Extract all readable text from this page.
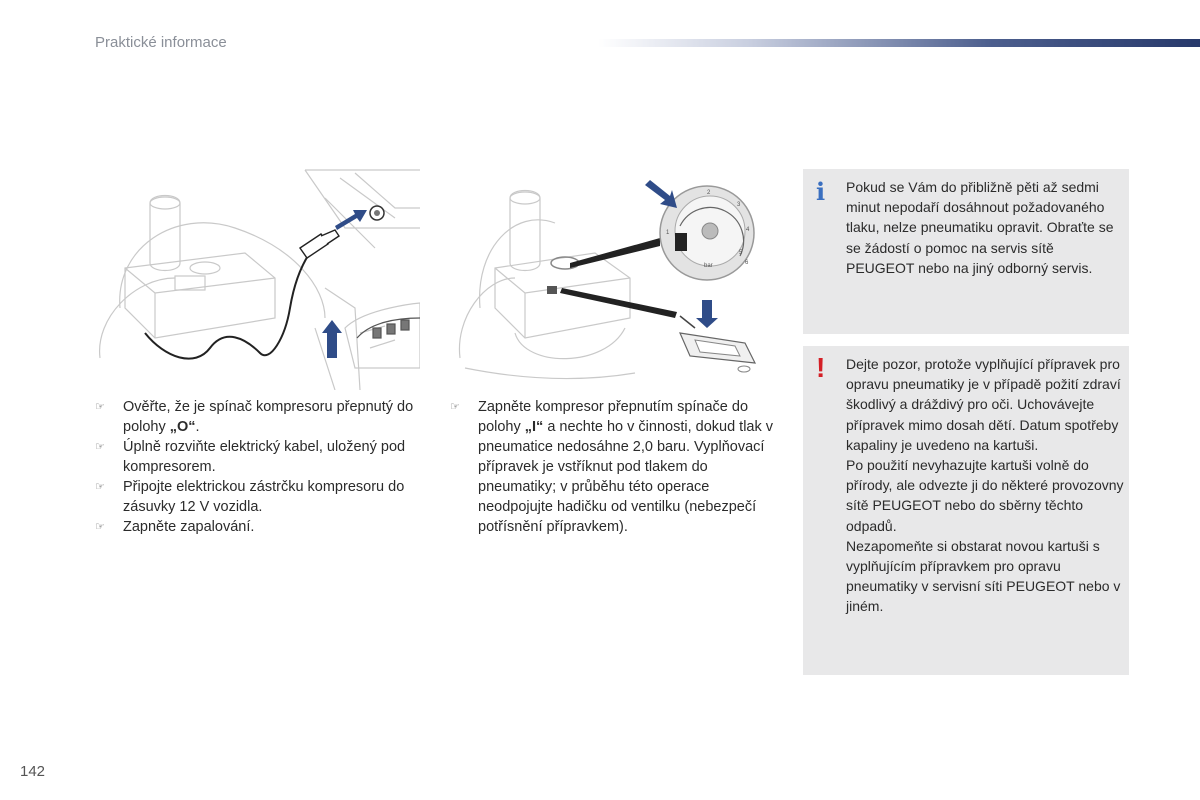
Praktické informace
1
2
3
4
5
6
bar
☞ Ověřte, že je spínač kompresoru přepnutý do polohy „O“.
☞ Úplně rozviňte elektrický kabel, uložený pod kompresorem.
☞ Připojte elektrickou zástrčku kompresoru do zásuvky 12 V vozidla.
☞ Zapněte zapalování.
☞ Zapněte kompresor přepnutím spínače do polohy „I“ a nechte ho v činnosti, dokud tlak v pneumatice nedosáhne 2,0 baru. Vyplňovací přípravek je vstříknut pod tlakem do pneumatiky; v průběhu této operace neodpojujte hadičku od ventilku (nebezpečí potřísnění přípravkem).
i Pokud se Vám do přibližně pěti až sedmi minut nepodaří dosáhnout požadovaného tlaku, nelze pneumatiku opravit. Obraťte se se žádostí o pomoc na servis sítě PEUGEOT nebo na jiný odborný servis.
! Dejte pozor, protože vyplňující přípravek pro opravu pneumatiky je v případě požití zdraví škodlivý a dráždivý pro oči. Uchovávejte přípravek mimo dosah dětí. Datum spotřeby kapaliny je uvedeno na kartuši.

Po použití nevyhazujte kartuši volně do přírody, ale odvezte ji do některé provozovny sítě PEUGEOT nebo do sběrny těchto odpadů.

Nezapomeňte si obstarat novou kartuši s vyplňujícím přípravkem pro opravu pneumatiky v servisní síti PEUGEOT nebo v jiném.

142
